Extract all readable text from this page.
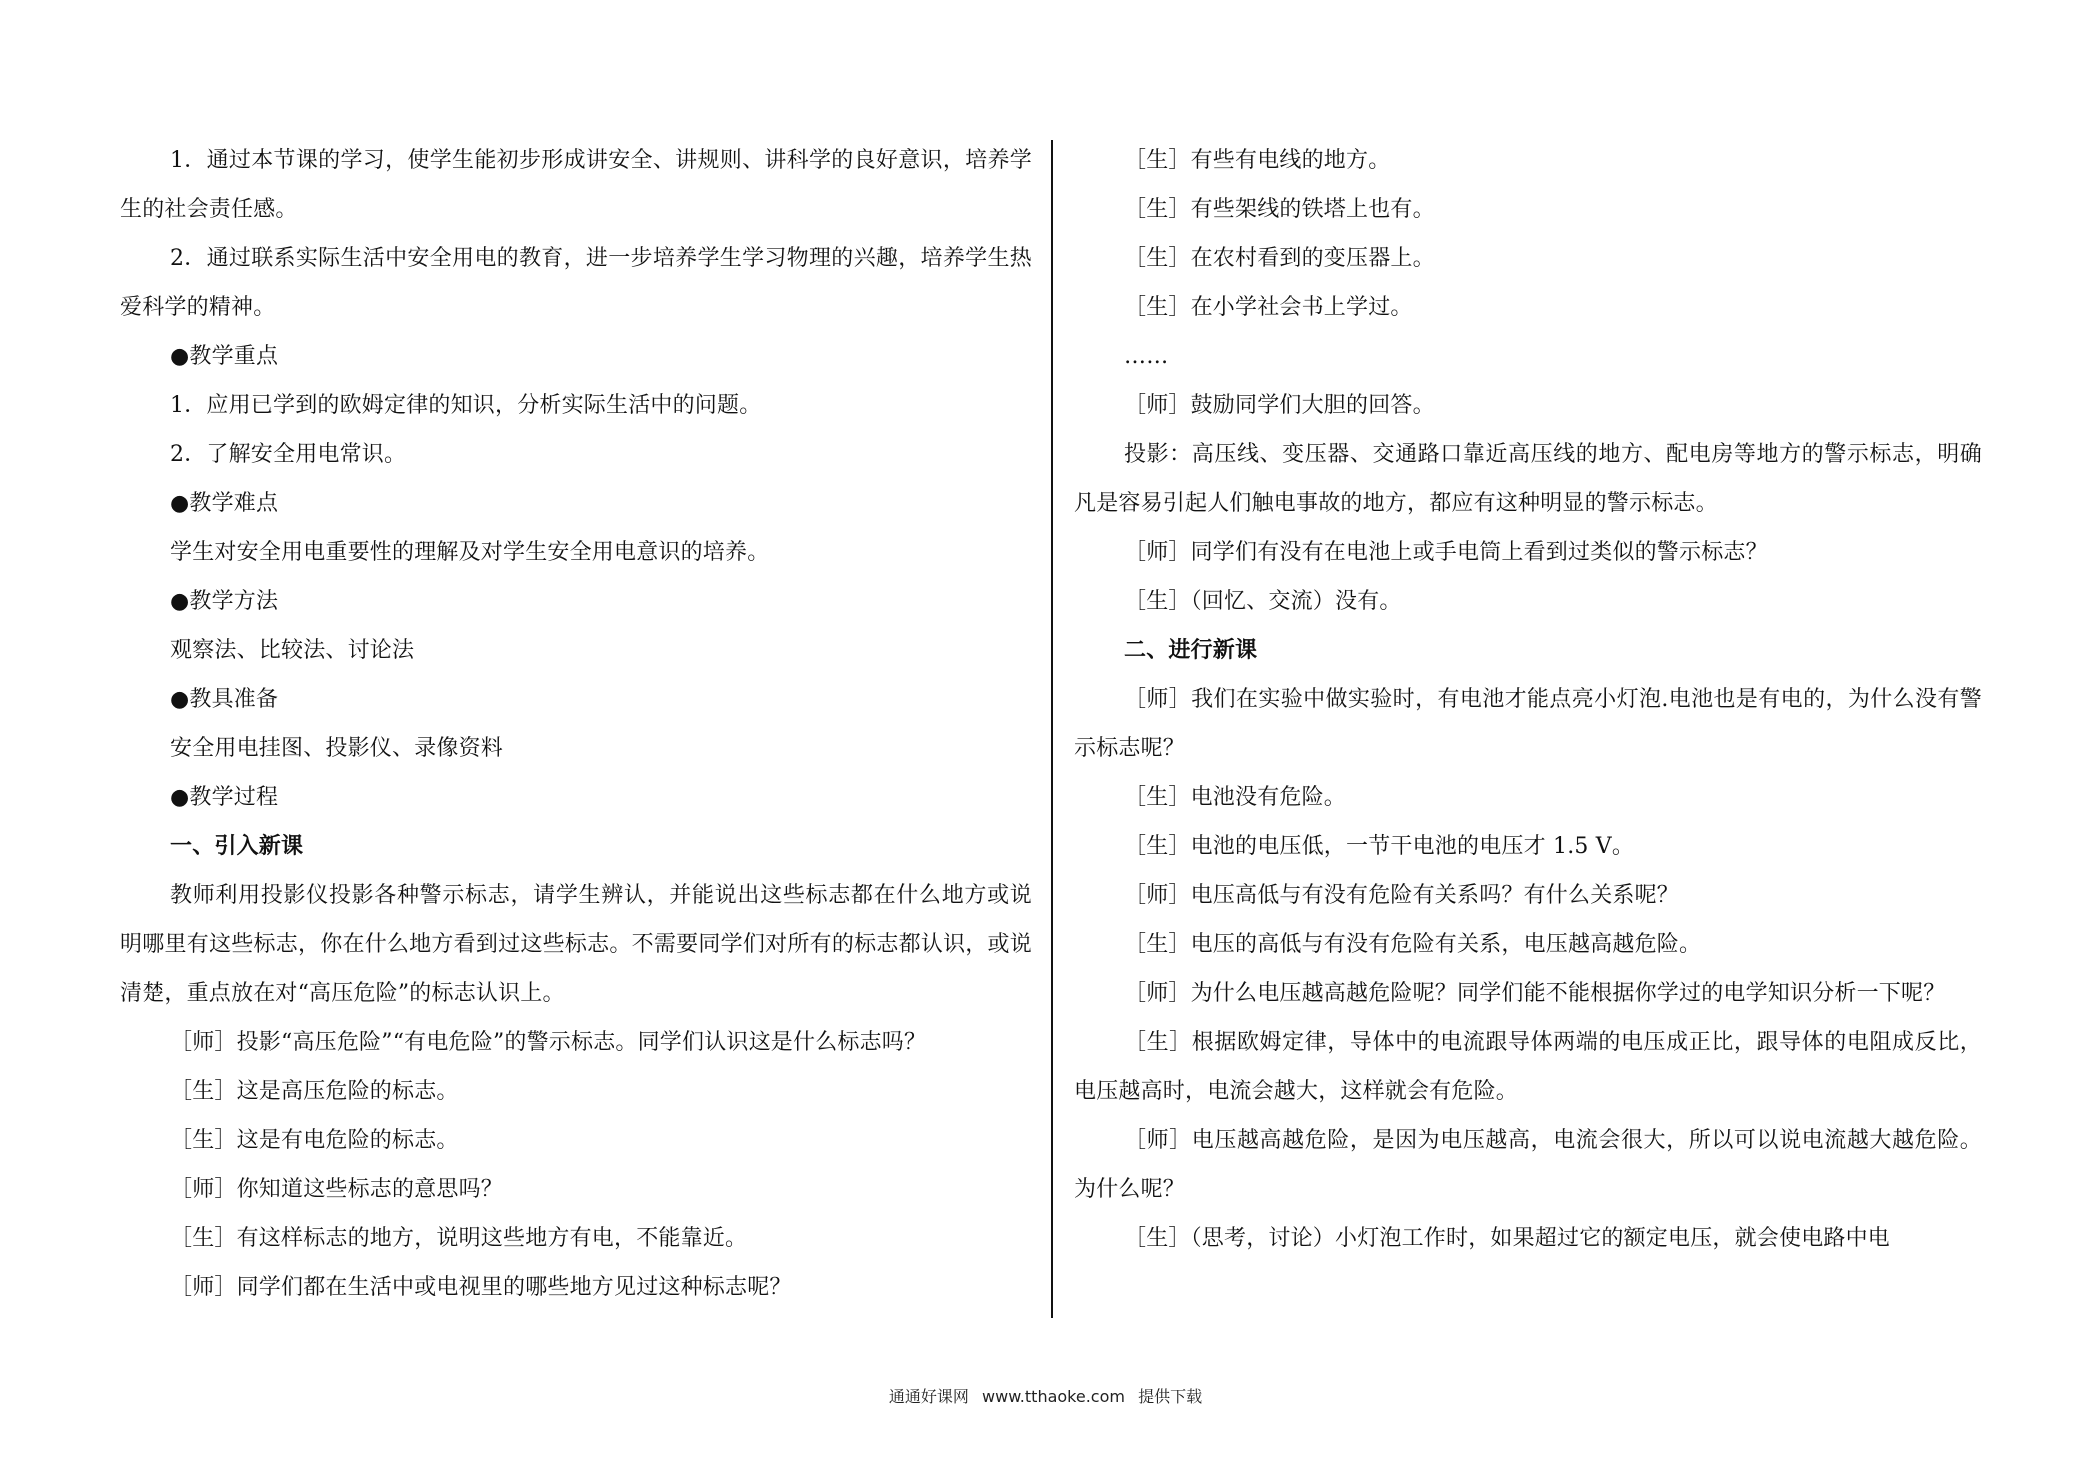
1．通过本节课的学习，使学生能初步形成讲安全、讲规则、讲科学的良好意识，培养学生的社会责任感。

2．通过联系实际生活中安全用电的教育，进一步培养学生学习物理的兴趣，培养学生热爱科学的精神。

●教学重点

1．应用已学到的欧姆定律的知识，分析实际生活中的问题。

2．了解安全用电常识。

●教学难点

学生对安全用电重要性的理解及对学生安全用电意识的培养。

●教学方法

观察法、比较法、讨论法

●教具准备

安全用电挂图、投影仪、录像资料

●教学过程

一、引入新课

教师利用投影仪投影各种警示标志，请学生辨认，并能说出这些标志都在什么地方或说明哪里有这些标志，你在什么地方看到过这些标志。不需要同学们对所有的标志都认识，或说清楚，重点放在对“高压危险”的标志认识上。

［师］投影“高压危险”“有电危险”的警示标志。同学们认识这是什么标志吗？

［生］这是高压危险的标志。

［生］这是有电危险的标志。

［师］你知道这些标志的意思吗？

［生］有这样标志的地方，说明这些地方有电，不能靠近。

［师］同学们都在生活中或电视里的哪些地方见过这种标志呢？

［生］有些有电线的地方。

［生］有些架线的铁塔上也有。

［生］在农村看到的变压器上。

［生］在小学社会书上学过。

……

［师］鼓励同学们大胆的回答。

投影：高压线、变压器、交通路口靠近高压线的地方、配电房等地方的警示标志，明确凡是容易引起人们触电事故的地方，都应有这种明显的警示标志。

［师］同学们有没有在电池上或手电筒上看到过类似的警示标志？

［生］（回忆、交流）没有。

二、进行新课

［师］我们在实验中做实验时，有电池才能点亮小灯泡.电池也是有电的，为什么没有警示标志呢？

［生］电池没有危险。

［生］电池的电压低，一节干电池的电压才 1.5 V。

［师］电压高低与有没有危险有关系吗？有什么关系呢？

［生］电压的高低与有没有危险有关系，电压越高越危险。

［师］为什么电压越高越危险呢？同学们能不能根据你学过的电学知识分析一下呢？

［生］根据欧姆定律，导体中的电流跟导体两端的电压成正比，跟导体的电阻成反比，电压越高时，电流会越大，这样就会有危险。

［师］电压越高越危险，是因为电压越高，电流会很大，所以可以说电流越大越危险。为什么呢？

［生］（思考，讨论）小灯泡工作时，如果超过它的额定电压，就会使电路中电

通通好课网 www.tthaoke.com 提供下载
